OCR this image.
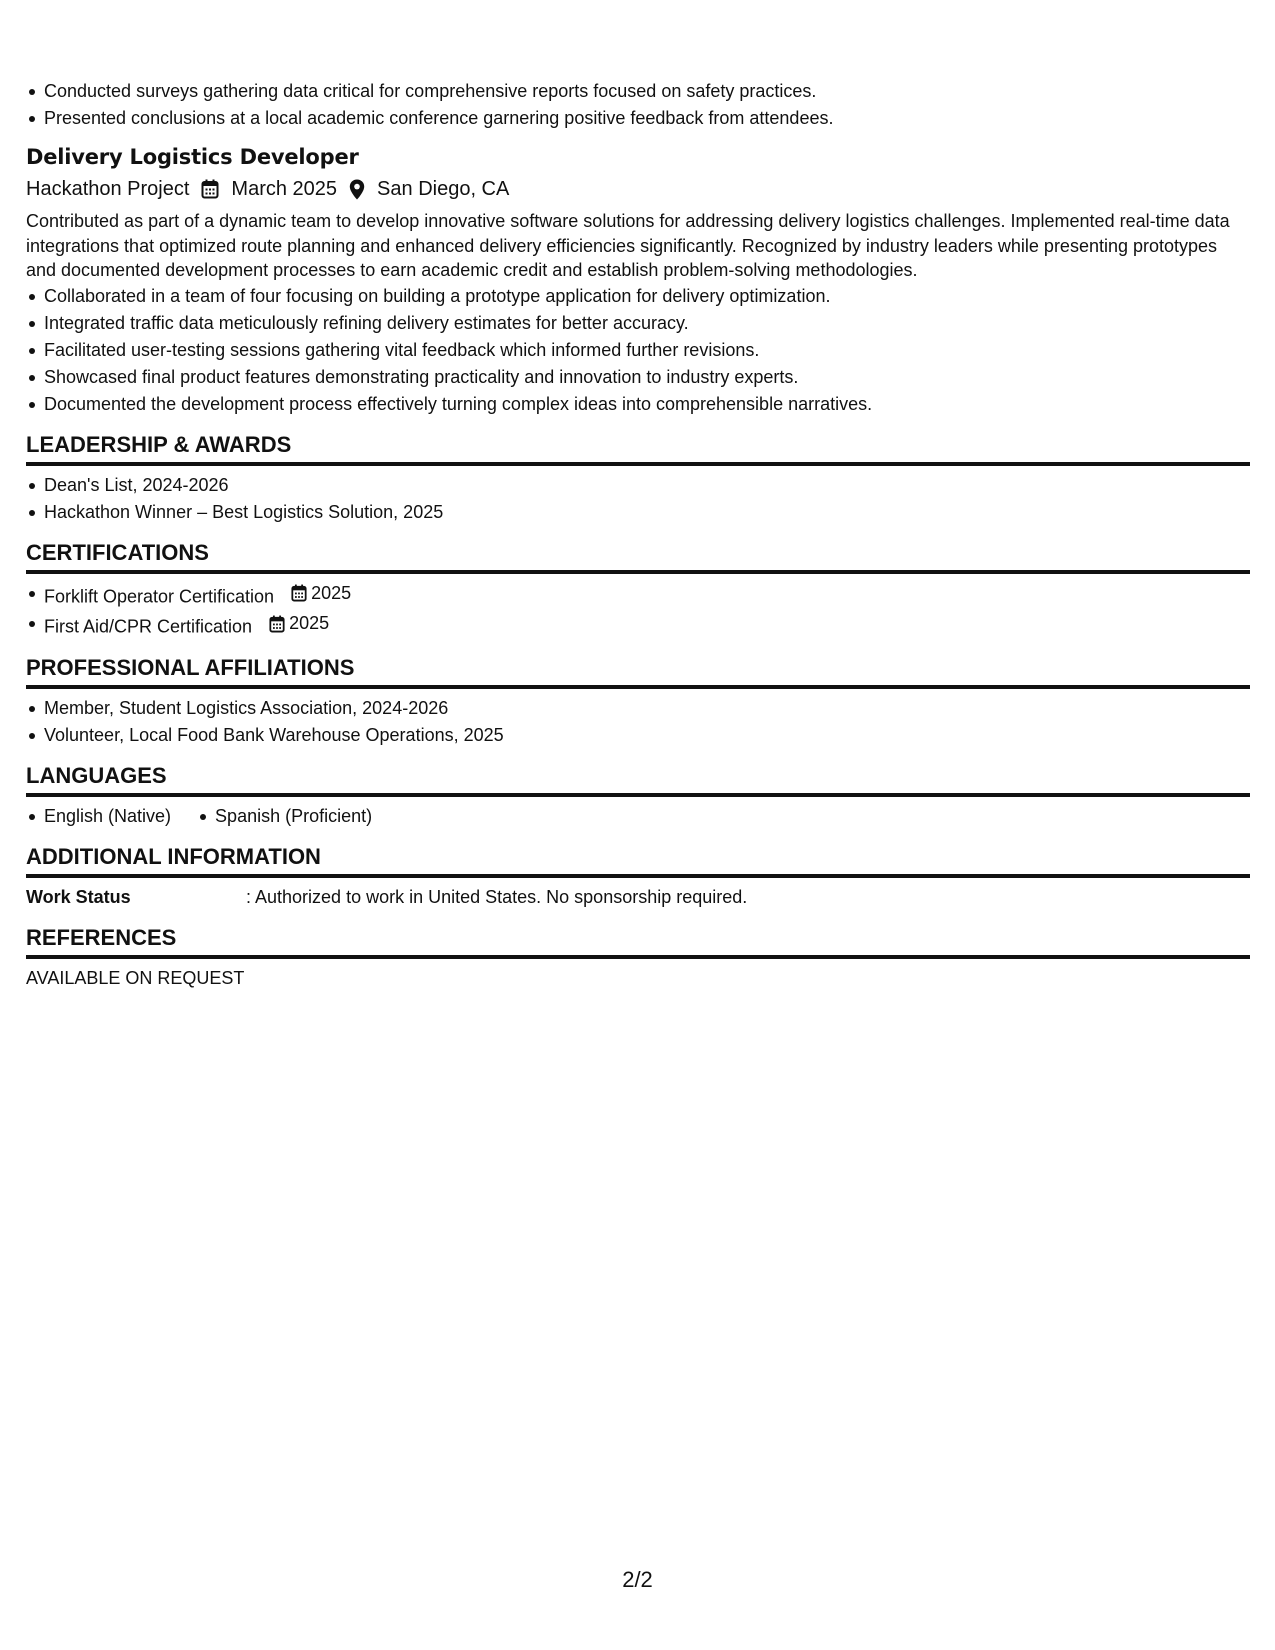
Conducted surveys gathering data critical for comprehensive reports focused on safety practices.
Presented conclusions at a local academic conference garnering positive feedback from attendees.
Delivery Logistics Developer
Hackathon Project March 2025 San Diego, CA
Contributed as part of a dynamic team to develop innovative software solutions for addressing delivery logistics challenges. Implemented real-time data integrations that optimized route planning and enhanced delivery efficiencies significantly. Recognized by industry leaders while presenting prototypes and documented development processes to earn academic credit and establish problem-solving methodologies.
Collaborated in a team of four focusing on building a prototype application for delivery optimization.
Integrated traffic data meticulously refining delivery estimates for better accuracy.
Facilitated user-testing sessions gathering vital feedback which informed further revisions.
Showcased final product features demonstrating practicality and innovation to industry experts.
Documented the development process effectively turning complex ideas into comprehensible narratives.
LEADERSHIP & AWARDS
Dean's List, 2024-2026
Hackathon Winner – Best Logistics Solution, 2025
CERTIFICATIONS
Forklift Operator Certification 2025
First Aid/CPR Certification 2025
PROFESSIONAL AFFILIATIONS
Member, Student Logistics Association, 2024-2026
Volunteer, Local Food Bank Warehouse Operations, 2025
LANGUAGES
English (Native) Spanish (Proficient)
ADDITIONAL INFORMATION
Work Status	: Authorized to work in United States. No sponsorship required.
REFERENCES
AVAILABLE ON REQUEST
2/2
